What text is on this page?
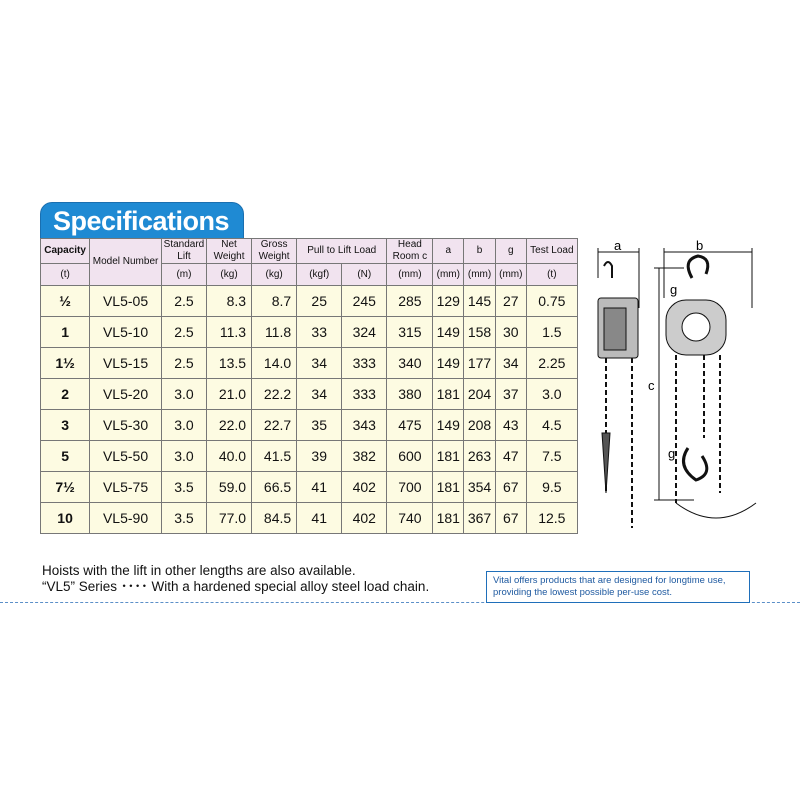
Specifications
Capacity	Model Number	Standard Lift	Net Weight	Gross Weight	Pull to Lift Load		Head Room c	a	b	g	Test Load
(t)		(m)	(kg)	(kg)	(kgf)	(N)	(mm)	(mm)	(mm)	(mm)	(t)
½	VL5-05	2.5	8.3	8.7	25	245	285	129	145	27	0.75
1	VL5-10	2.5	11.3	11.8	33	324	315	149	158	30	1.5
1½	VL5-15	2.5	13.5	14.0	34	333	340	149	177	34	2.25
2	VL5-20	3.0	21.0	22.2	34	333	380	181	204	37	3.0
3	VL5-30	3.0	22.0	22.7	35	343	475	149	208	43	4.5
5	VL5-50	3.0	40.0	41.5	39	382	600	181	263	47	7.5
7½	VL5-75	3.5	59.0	66.5	41	402	700	181	354	67	9.5
10	VL5-90	3.5	77.0	84.5	41	402	740	181	367	67	12.5
Hoists with the lift in other lengths are also available.
“VL5” Series ････ With a hardened special alloy steel load chain.	Vital offers products that are designed for longtime use, providing the lowest possible per-use cost.
a	b
c
g
g
